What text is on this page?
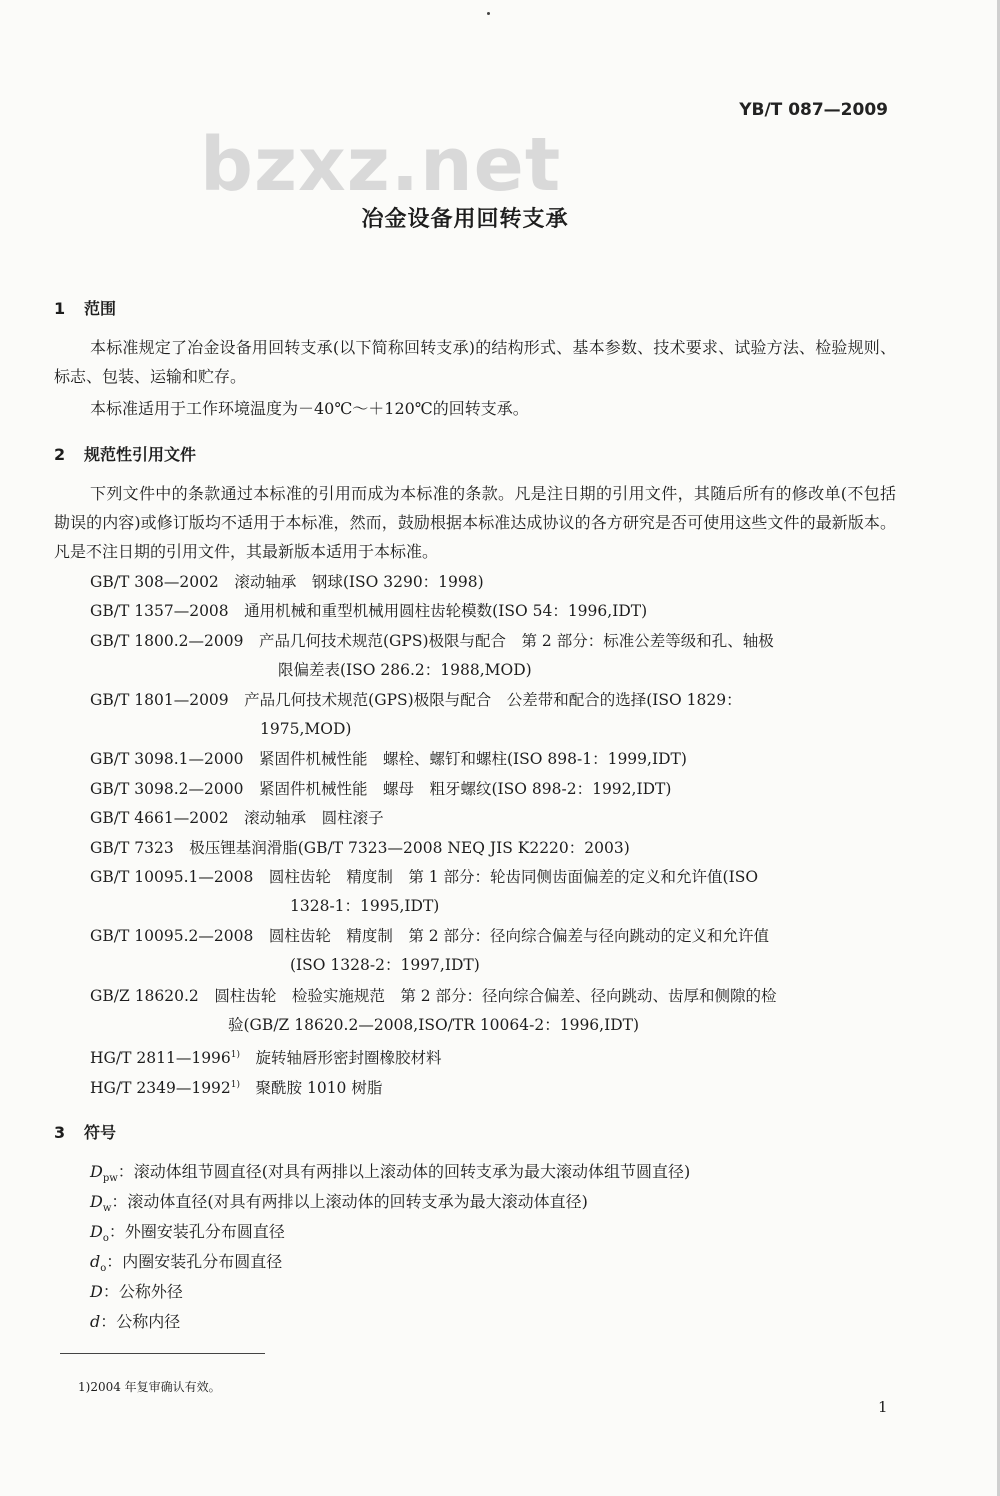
YB/T 087—2009
bzxz.net
冶金设备用回转支承
1 范围
本标准规定了冶金设备用回转支承(以下简称回转支承)的结构形式、基本参数、技术要求、试验方法、检验规则、标志、包装、运输和贮存。
本标准适用于工作环境温度为－40℃～＋120℃的回转支承。
2 规范性引用文件
下列文件中的条款通过本标准的引用而成为本标准的条款。凡是注日期的引用文件，其随后所有的修改单(不包括勘误的内容)或修订版均不适用于本标准，然而，鼓励根据本标准达成协议的各方研究是否可使用这些文件的最新版本。凡是不注日期的引用文件，其最新版本适用于本标准。
GB/T 308—2002　 滚动轴承　钢球(ISO 3290：1998)
GB/T 1357—2008　 通用机械和重型机械用圆柱齿轮模数(ISO 54：1996,IDT)
GB/T 1800.2—2009　 产品几何技术规范(GPS)极限与配合　第 2 部分：标准公差等级和孔、轴极
限偏差表(ISO 286.2：1988,MOD)
GB/T 1801—2009　 产品几何技术规范(GPS)极限与配合　公差带和配合的选择(ISO 1829：
1975,MOD)
GB/T 3098.1—2000　 紧固件机械性能　螺栓、螺钉和螺柱(ISO 898-1：1999,IDT)
GB/T 3098.2—2000　 紧固件机械性能　螺母　粗牙螺纹(ISO 898-2：1992,IDT)
GB/T 4661—2002　 滚动轴承　圆柱滚子
GB/T 7323　 极压锂基润滑脂(GB/T 7323—2008 NEQ JIS K2220：2003)
GB/T 10095.1—2008　 圆柱齿轮　精度制　第 1 部分：轮齿同侧齿面偏差的定义和允许值(ISO
1328-1：1995,IDT)
GB/T 10095.2—2008　 圆柱齿轮　精度制　第 2 部分：径向综合偏差与径向跳动的定义和允许值
(ISO 1328-2：1997,IDT)
GB/Z 18620.2　 圆柱齿轮　检验实施规范　第 2 部分：径向综合偏差、径向跳动、齿厚和侧隙的检
验(GB/Z 18620.2—2008,ISO/TR 10064-2：1996,IDT)
HG/T 2811—1996$^{1)}$　 旋转轴唇形密封圈橡胶材料
HG/T 2349—1992$^{1)}$　 聚酰胺 1010 树脂
3 符号
$D_{pw}$：滚动体组节圆直径(对具有两排以上滚动体的回转支承为最大滚动体组节圆直径)
$D_w$：滚动体直径(对具有两排以上滚动体的回转支承为最大滚动体直径)
$D_o$：外圈安装孔分布圆直径
$d_o$：内圈安装孔分布圆直径
D：公称外径
d：公称内径
1)2004 年复审确认有效。
1
